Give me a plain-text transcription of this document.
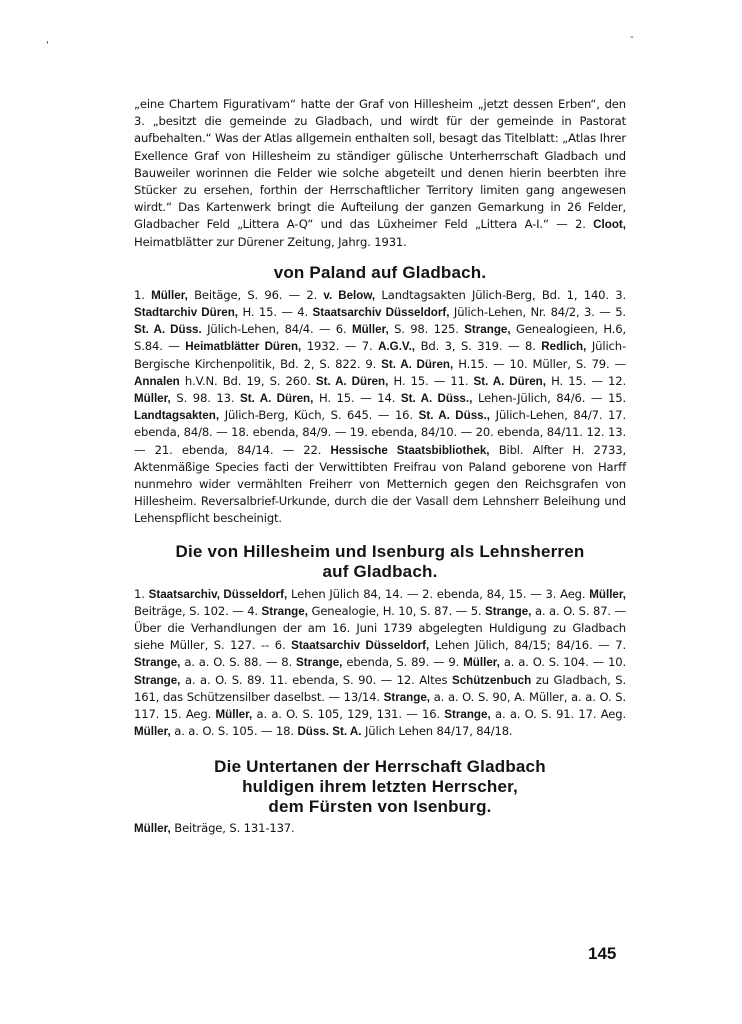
'
-

„eine Chartem Figurativam“ hatte der Graf von Hillesheim „jetzt dessen Erben“, den 3. „besitzt die gemeinde zu Gladbach, und wirdt für der gemeinde in Pastorat aufbehalten.“ Was der Atlas allgemein enthalten soll, besagt das Titelblatt: „Atlas Ihrer Exellence Graf von Hillesheim zu ständiger gülische Unterherrschaft Gladbach und Bauweiler worinnen die Felder wie solche abgeteilt und denen hierin beerbten ihre Stücker zu ersehen, forthin der Herrschaftlicher Territory limiten gang angewesen wirdt.“ Das Kartenwerk bringt die Aufteilung der ganzen Gemarkung in 26 Felder, Gladbacher Feld „Littera A-Q“ und das Lüxheimer Feld „Littera A-I.“ — 2. Cloot, Heimatblätter zur Dürener Zeitung, Jahrg. 1931.

von Paland auf Gladbach.

1. Müller, Beitäge, S. 96. — 2. v. Below, Landtagsakten Jülich-Berg, Bd. 1, 140. 3. Stadtarchiv Düren, H. 15. — 4. Staatsarchiv Düsseldorf, Jülich-Lehen, Nr. 84/2, 3. — 5. St. A. Düss. Jülich-Lehen, 84/4. — 6. Müller, S. 98. 125. Strange, Genealogieen, H.6, S.84. — Heimatblätter Düren, 1932. — 7. A.G.V., Bd. 3, S. 319. — 8. Redlich, Jülich-Bergische Kirchenpolitik, Bd. 2, S. 822. 9. St. A. Düren, H.15. — 10. Müller, S. 79. — Annalen h.V.N. Bd. 19, S. 260. St. A. Düren, H. 15. — 11. St. A. Düren, H. 15. — 12. Müller, S. 98. 13. St. A. Düren, H. 15. — 14. St. A. Düss., Lehen-Jülich, 84/6. — 15. Landtagsakten, Jülich-Berg, Küch, S. 645. — 16. St. A. Düss., Jülich-Lehen, 84/7. 17. ebenda, 84/8. — 18. ebenda, 84/9. — 19. ebenda, 84/10. — 20. ebenda, 84/11. 12. 13. — 21. ebenda, 84/14. — 22. Hessische Staatsbibliothek, Bibl. Alfter H. 2733, Aktenmäßige Species facti der Verwittibten Freifrau von Paland geborene von Harff nunmehro wider vermählten Freiherr von Metternich gegen den Reichsgrafen von Hillesheim. Reversalbrief-Urkunde, durch die der Vasall dem Lehnsherr Beleihung und Lehenspflicht bescheinigt.

Die von Hillesheim und Isenburg als Lehnsherren
auf Gladbach.

1. Staatsarchiv, Düsseldorf, Lehen Jülich 84, 14. — 2. ebenda, 84, 15. — 3. Aeg. Müller, Beiträge, S. 102. — 4. Strange, Genealogie, H. 10, S. 87. — 5. Strange, a. a. O. S. 87. — Über die Verhandlungen der am 16. Juni 1739 abgelegten Huldigung zu Gladbach siehe Müller, S. 127. -- 6. Staatsarchiv Düsseldorf, Lehen Jülich, 84/15; 84/16. — 7. Strange, a. a. O. S. 88. — 8. Strange, ebenda, S. 89. — 9. Müller, a. a. O. S. 104. — 10. Strange, a. a. O. S. 89. 11. ebenda, S. 90. — 12. Altes Schützenbuch zu Gladbach, S. 161, das Schützensilber daselbst. — 13/14. Strange, a. a. O. S. 90, A. Müller, a. a. O. S. 117. 15. Aeg. Müller, a. a. O. S. 105, 129, 131. — 16. Strange, a. a. O. S. 91. 17. Aeg. Müller, a. a. O. S. 105. — 18. Düss. St. A. Jülich Lehen 84/17, 84/18.

Die Untertanen der Herrschaft Gladbach
huldigen ihrem letzten Herrscher,
dem Fürsten von Isenburg.

Müller, Beiträge, S. 131-137.

145
